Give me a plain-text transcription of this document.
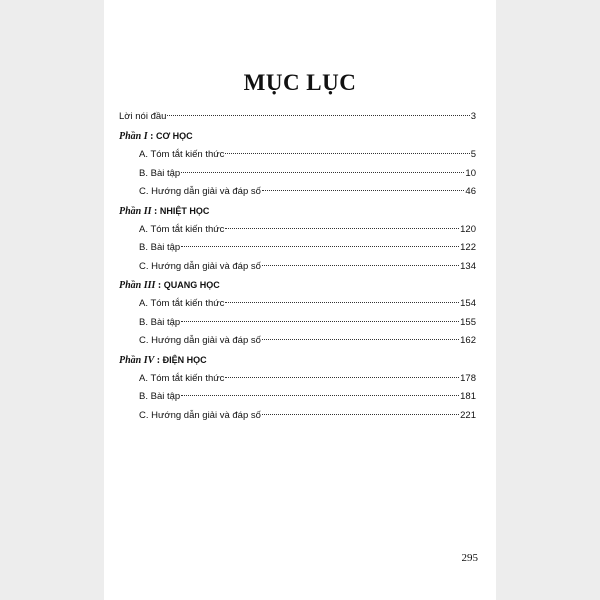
MỤC LỤC
Lời nói đầu	3
Phần I : CƠ HỌC
A. Tóm tắt kiến thức	5
B. Bài tập	10
C. Hướng dẫn giải và đáp số	46
Phần II : NHIỆT HỌC
A. Tóm tắt kiến thức	120
B. Bài tập	122
C. Hướng dẫn giải và đáp số	134
Phần III : QUANG HỌC
A. Tóm tắt kiến thức	154
B. Bài tập	155
C. Hướng dẫn giải và đáp số	162
Phần IV : ĐIỆN HỌC
A. Tóm tắt kiến thức	178
B. Bài tập	181
C. Hướng dẫn giải và đáp số	221
295
